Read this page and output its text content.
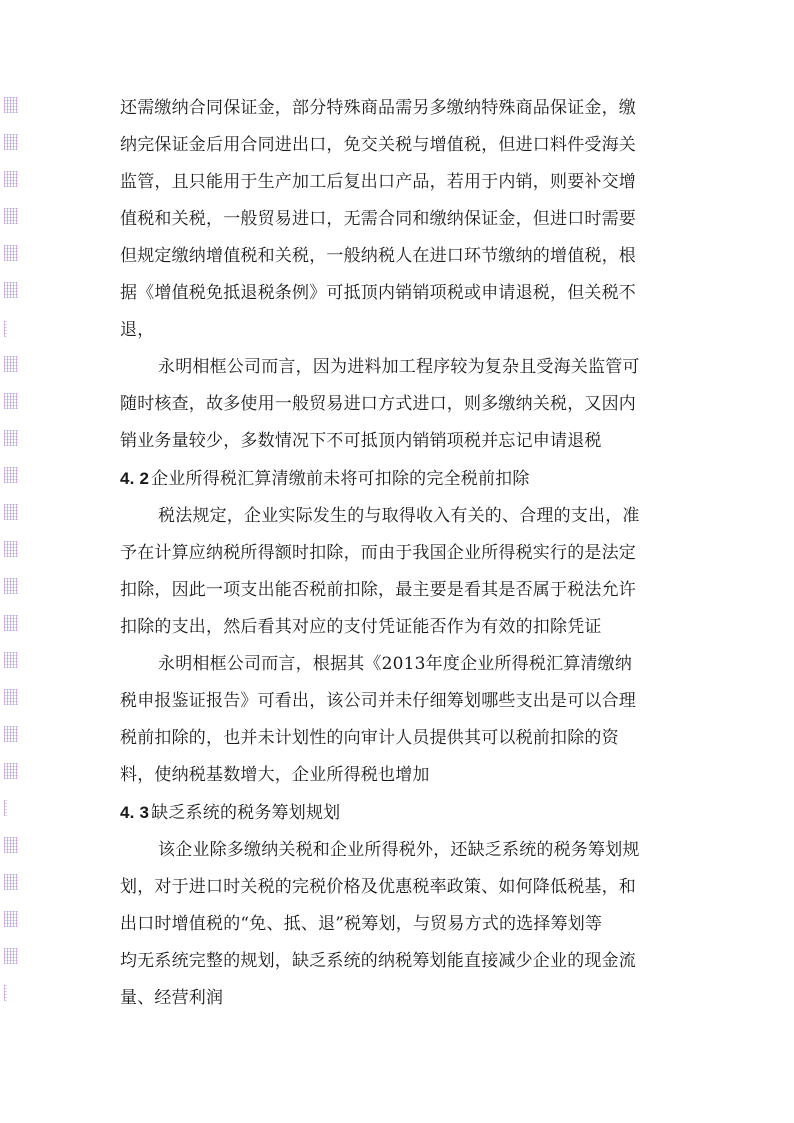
还需缴纳合同保证金，部分特殊商品需另多缴纳特殊商品保证金，缴
纳完保证金后用合同进出口，免交关税与增值税，但进口料件受海关
监管，且只能用于生产加工后复出口产品，若用于内销，则要补交增
值税和关税，一般贸易进口，无需合同和缴纳保证金，但进口时需要
但规定缴纳增值税和关税，一般纳税人在进口环节缴纳的增值税，根
据《增值税免抵退税条例》可抵顶内销销项税或申请退税，但关税不
退，

永明相框公司而言，因为进料加工程序较为复杂且受海关监管可
随时核查，故多使用一般贸易进口方式进口，则多缴纳关税，又因内
销业务量较少，多数情况下不可抵顶内销销项税并忘记申请退税

4. 2 企业所得税汇算清缴前未将可扣除的完全税前扣除

税法规定，企业实际发生的与取得收入有关的、合理的支出，准
予在计算应纳税所得额时扣除，而由于我国企业所得税实行的是法定
扣除，因此一项支出能否税前扣除，最主要是看其是否属于税法允许
扣除的支出，然后看其对应的支付凭证能否作为有效的扣除凭证

永明相框公司而言，根据其《2013年度企业所得税汇算清缴纳
税申报鉴证报告》可看出，该公司并未仔细筹划哪些支出是可以合理
税前扣除的，也并未计划性的向审计人员提供其可以税前扣除的资
料，使纳税基数增大，企业所得税也增加

4. 3 缺乏系统的税务筹划规划

该企业除多缴纳关税和企业所得税外，还缺乏系统的税务筹划规
划，对于进口时关税的完税价格及优惠税率政策、如何降低税基，和
出口时增值税的“免、抵、退”税筹划，与贸易方式的选择筹划等
均无系统完整的规划，缺乏系统的纳税筹划能直接减少企业的现金流
量、经营利润
